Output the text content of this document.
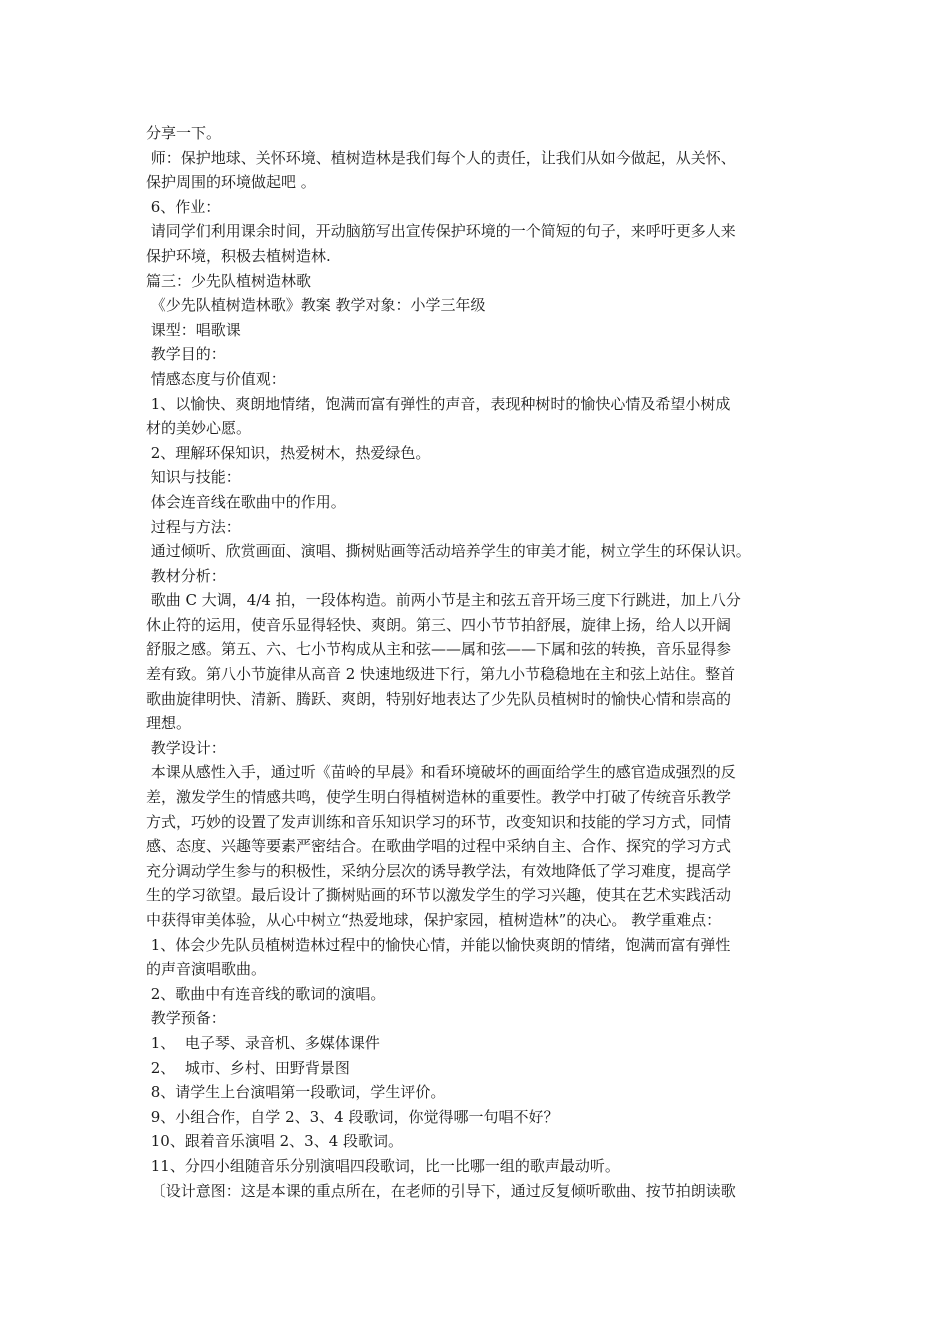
分享一下。
师：保护地球、关怀环境、植树造林是我们每个人的责任，让我们从如今做起，从关怀、
保护周围的环境做起吧 。
6、作业：
请同学们利用课余时间，开动脑筋写出宣传保护环境的一个简短的句子，来呼吁更多人来
保护环境，积极去植树造林.
篇三：少先队植树造林歌
《少先队植树造林歌》教案 教学对象：小学三年级
课型：唱歌课
教学目的：
情感态度与价值观：
1、以愉快、爽朗地情绪，饱满而富有弹性的声音，表现种树时的愉快心情及希望小树成
材的美妙心愿。
2、理解环保知识，热爱树木，热爱绿色。
知识与技能：
体会连音线在歌曲中的作用。
过程与方法：
通过倾听、欣赏画面、演唱、撕树贴画等活动培养学生的审美才能，树立学生的环保认识。
教材分析：
歌曲 C 大调，4/4 拍，一段体构造。前两小节是主和弦五音开场三度下行跳进，加上八分
休止符的运用，使音乐显得轻快、爽朗。第三、四小节节拍舒展，旋律上扬，给人以开阔
舒服之感。第五、六、七小节构成从主和弦——属和弦——下属和弦的转换，音乐显得参
差有致。第八小节旋律从高音 2 快速地级进下行，第九小节稳稳地在主和弦上站住。整首
歌曲旋律明快、清新、腾跃、爽朗，特别好地表达了少先队员植树时的愉快心情和崇高的
理想。
教学设计：
本课从感性入手，通过听《苗岭的早晨》和看环境破坏的画面给学生的感官造成强烈的反
差，激发学生的情感共鸣，使学生明白得植树造林的重要性。教学中打破了传统音乐教学
方式，巧妙的设置了发声训练和音乐知识学习的环节，改变知识和技能的学习方式，同情
感、态度、兴趣等要素严密结合。在歌曲学唱的过程中采纳自主、合作、探究的学习方式
充分调动学生参与的积极性，采纳分层次的诱导教学法，有效地降低了学习难度，提高学
生的学习欲望。最后设计了撕树贴画的环节以激发学生的学习兴趣，使其在艺术实践活动
中获得审美体验，从心中树立“热爱地球，保护家园，植树造林”的决心。 教学重难点：
1、体会少先队员植树造林过程中的愉快心情，并能以愉快爽朗的情绪，饱满而富有弹性
的声音演唱歌曲。
2、歌曲中有连音线的歌词的演唱。
教学预备：
1、  电子琴、录音机、多媒体课件
2、  城市、乡村、田野背景图
8、请学生上台演唱第一段歌词，学生评价。
9、小组合作，自学 2、3、4 段歌词，你觉得哪一句唱不好？
10、跟着音乐演唱 2、3、4 段歌词。
11、分四小组随音乐分别演唱四段歌词，比一比哪一组的歌声最动听。
〔设计意图：这是本课的重点所在，在老师的引导下，通过反复倾听歌曲、按节拍朗读歌
